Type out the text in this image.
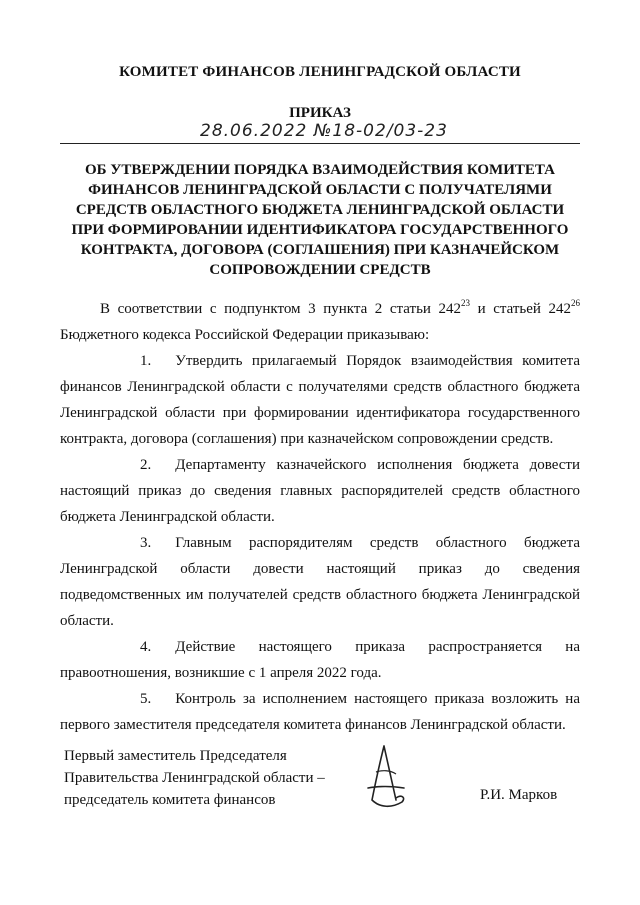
КОМИТЕТ ФИНАНСОВ ЛЕНИНГРАДСКОЙ ОБЛАСТИ
ПРИКАЗ
28.06.2022 №18-02/03-23
ОБ УТВЕРЖДЕНИИ ПОРЯДКА ВЗАИМОДЕЙСТВИЯ КОМИТЕТА
ФИНАНСОВ ЛЕНИНГРАДСКОЙ ОБЛАСТИ С ПОЛУЧАТЕЛЯМИ
СРЕДСТВ ОБЛАСТНОГО БЮДЖЕТА ЛЕНИНГРАДСКОЙ ОБЛАСТИ
ПРИ ФОРМИРОВАНИИ ИДЕНТИФИКАТОРА ГОСУДАРСТВЕННОГО
КОНТРАКТА, ДОГОВОРА (СОГЛАШЕНИЯ) ПРИ КАЗНАЧЕЙСКОМ
СОПРОВОЖДЕНИИ СРЕДСТВ

В соответствии с подпунктом 3 пункта 2 статьи $242^{23}$ и статьей $242^{26}$ Бюджетного кодекса Российской Федерации приказываю:

1. Утвердить прилагаемый Порядок взаимодействия комитета финансов Ленинградской области с получателями средств областного бюджета Ленинградской области при формировании идентификатора государственного контракта, договора (соглашения) при казначейском сопровождении средств.

2. Департаменту казначейского исполнения бюджета довести настоящий приказ до сведения главных распорядителей средств областного бюджета Ленинградской области.

3. Главным распорядителям средств областного бюджета Ленинградской области довести настоящий приказ до сведения подведомственных им получателей средств областного бюджета Ленинградской области.

4. Действие настоящего приказа распространяется на правоотношения, возникшие с 1 апреля 2022 года.

5. Контроль за исполнением настоящего приказа возложить на первого заместителя председателя комитета финансов Ленинградской области.

Первый заместитель Председателя
Правительства Ленинградской области –
председатель комитета финансов	Р.И. Марков
